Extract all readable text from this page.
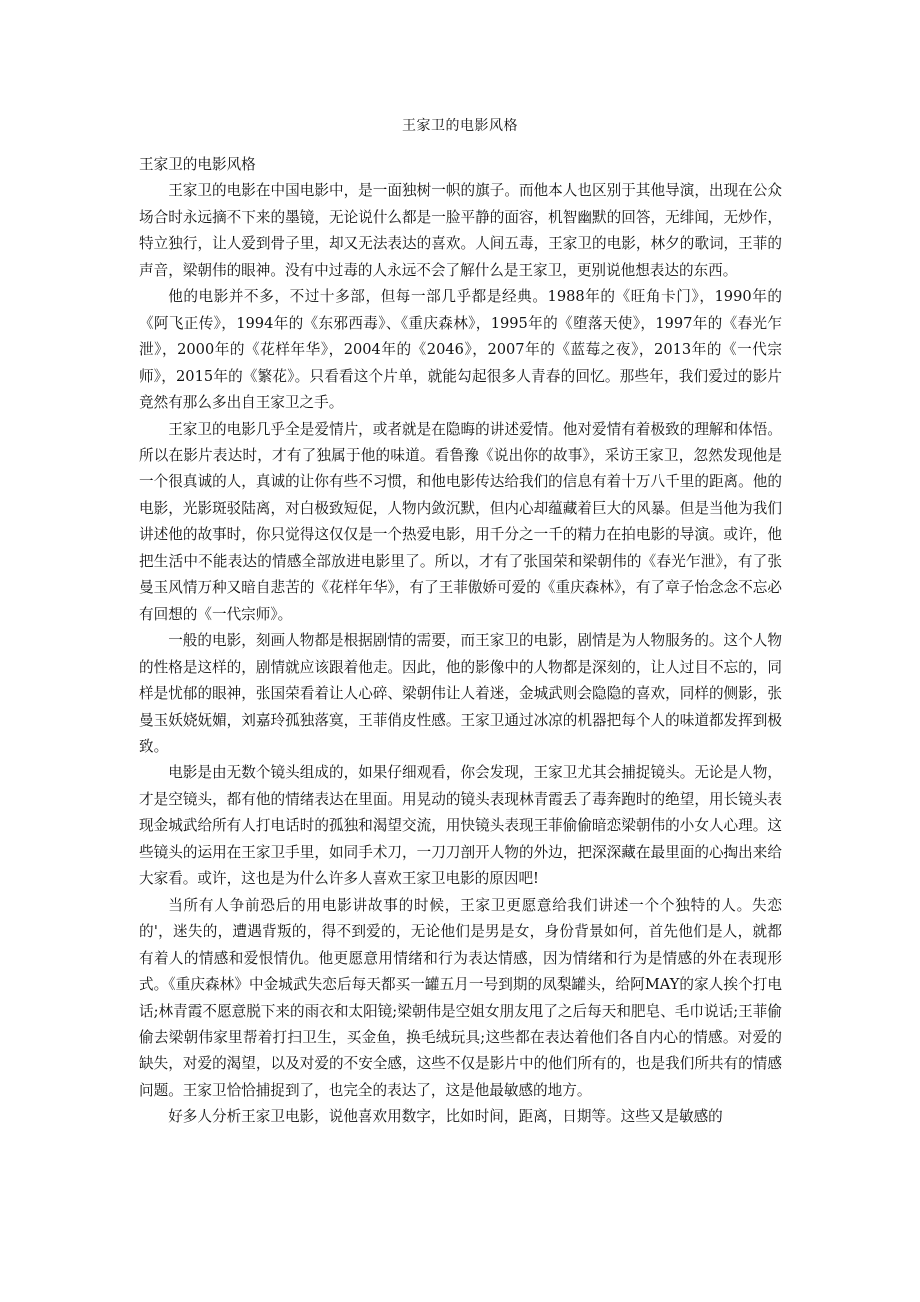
王家卫的电影风格

王家卫的电影风格

王家卫的电影在中国电影中，是一面独树一帜的旗子。而他本人也区别于其他导演，出现在公众场合时永远摘不下来的墨镜，无论说什么都是一脸平静的面容，机智幽默的回答，无绯闻，无炒作，特立独行，让人爱到骨子里，却又无法表达的喜欢。人间五毒，王家卫的电影，林夕的歌词，王菲的声音，梁朝伟的眼神。没有中过毒的人永远不会了解什么是王家卫，更别说他想表达的东西。

他的电影并不多，不过十多部，但每一部几乎都是经典。1988年的《旺角卡门》，1990年的《阿飞正传》，1994年的《东邪西毒》、《重庆森林》，1995年的《堕落天使》，1997年的《春光乍泄》，2000年的《花样年华》，2004年的《2046》，2007年的《蓝莓之夜》，2013年的《一代宗师》，2015年的《繁花》。只看看这个片单，就能勾起很多人青春的回忆。那些年，我们爱过的影片竟然有那么多出自王家卫之手。

王家卫的电影几乎全是爱情片，或者就是在隐晦的讲述爱情。他对爱情有着极致的理解和体悟。所以在影片表达时，才有了独属于他的味道。看鲁豫《说出你的故事》，采访王家卫，忽然发现他是一个很真诚的人，真诚的让你有些不习惯，和他电影传达给我们的信息有着十万八千里的距离。他的电影，光影斑驳陆离，对白极致短促，人物内敛沉默，但内心却蕴藏着巨大的风暴。但是当他为我们讲述他的故事时，你只觉得这仅仅是一个热爱电影，用千分之一千的精力在拍电影的导演。或许，他把生活中不能表达的情感全部放进电影里了。所以，才有了张国荣和梁朝伟的《春光乍泄》，有了张曼玉风情万种又暗自悲苦的《花样年华》，有了王菲傲娇可爱的《重庆森林》，有了章子怡念念不忘必有回想的《一代宗师》。

一般的电影，刻画人物都是根据剧情的需要，而王家卫的电影，剧情是为人物服务的。这个人物的性格是这样的，剧情就应该跟着他走。因此，他的影像中的人物都是深刻的，让人过目不忘的，同样是忧郁的眼神，张国荣看着让人心碎、梁朝伟让人着迷，金城武则会隐隐的喜欢，同样的侧影，张曼玉妖娆妩媚，刘嘉玲孤独落寞，王菲俏皮性感。王家卫通过冰凉的机器把每个人的味道都发挥到极致。

电影是由无数个镜头组成的，如果仔细观看，你会发现，王家卫尤其会捕捉镜头。无论是人物，才是空镜头，都有他的情绪表达在里面。用晃动的镜头表现林青霞丢了毒奔跑时的绝望，用长镜头表现金城武给所有人打电话时的孤独和渴望交流，用快镜头表现王菲偷偷暗恋梁朝伟的小女人心理。这些镜头的运用在王家卫手里，如同手术刀，一刀刀剖开人物的外边，把深深藏在最里面的心掏出来给大家看。或许，这也是为什么许多人喜欢王家卫电影的原因吧!

当所有人争前恐后的用电影讲故事的时候，王家卫更愿意给我们讲述一个个独特的人。失恋的'，迷失的，遭遇背叛的，得不到爱的，无论他们是男是女，身份背景如何，首先他们是人，就都有着人的情感和爱恨情仇。他更愿意用情绪和行为表达情感，因为情绪和行为是情感的外在表现形式。《重庆森林》中金城武失恋后每天都买一罐五月一号到期的凤梨罐头，给阿MAY的家人挨个打电话;林青霞不愿意脱下来的雨衣和太阳镜;梁朝伟是空姐女朋友甩了之后每天和肥皂、毛巾说话;王菲偷偷去梁朝伟家里帮着打扫卫生，买金鱼，换毛绒玩具;这些都在表达着他们各自内心的情感。对爱的缺失，对爱的渴望，以及对爱的不安全感，这些不仅是影片中的他们所有的，也是我们所共有的情感问题。王家卫恰恰捕捉到了，也完全的表达了，这是他最敏感的地方。

好多人分析王家卫电影，说他喜欢用数字，比如时间，距离，日期等。这些又是敏感的
